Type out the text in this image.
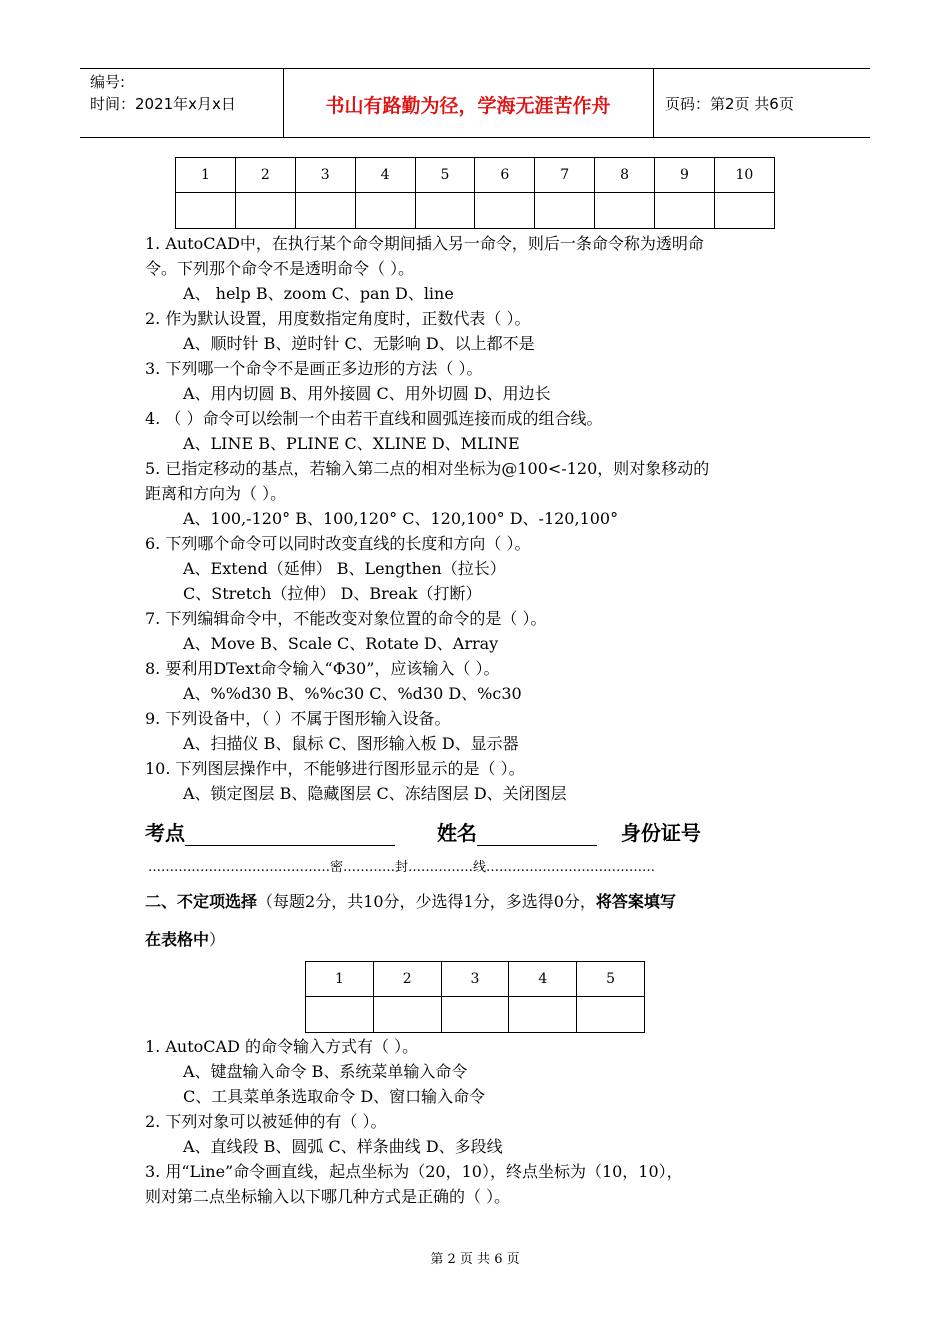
编号:
时间：2021年x月x日	书山有路勤为径，学海无涯苦作舟	页码：第2页 共6页
1	2	3	4	5	6	7	8	9	10

1. AutoCAD中，在执行某个命令期间插入另一命令，则后一条命令称为透明命
令。下列那个命令不是透明命令（ ）。
A、 help B、zoom C、pan D、line
2. 作为默认设置，用度数指定角度时，正数代表（ ）。
A、顺时针 B、逆时针 C、无影响 D、以上都不是
3. 下列哪一个命令不是画正多边形的方法（ ）。
A、用内切圆 B、用外接圆 C、用外切圆 D、用边长
4. （ ）命令可以绘制一个由若干直线和圆弧连接而成的组合线。
A、LINE B、PLINE C、XLINE D、MLINE
5. 已指定移动的基点，若输入第二点的相对坐标为@100<-120，则对象移动的
距离和方向为（ ）。
A、100,-120° B、100,120° C、120,100° D、-120,100°
6. 下列哪个命令可以同时改变直线的长度和方向（ ）。
A、Extend（延伸） B、Lengthen（拉长）
C、Stretch（拉伸） D、Break（打断）
7. 下列编辑命令中，不能改变对象位置的命令的是（ ）。
A、Move B、Scale C、Rotate D、Array
8. 要利用DText命令输入“Φ30”，应该输入（ ）。
A、%%d30 B、%%c30 C、%d30 D、%c30
9. 下列设备中，（ ）不属于图形输入设备。
A、扫描仪 B、鼠标 C、图形输入板 D、显示器
10. 下列图层操作中，不能够进行图形显示的是（ ）。
A、锁定图层 B、隐藏图层 C、冻结图层 D、关闭图层
考点	姓名	身份证号
……………………………………密…………封……………线…………………………………
二、不定项选择（每题2分，共10分，少选得1分，多选得0分，将答案填写
在表格中）
1	2	3	4	5

1. AutoCAD 的命令输入方式有（ ）。
A、键盘输入命令 B、系统菜单输入命令
C、工具菜单条选取命令 D、窗口输入命令
2. 下列对象可以被延伸的有（ ）。
A、直线段 B、圆弧 C、样条曲线 D、多段线
3. 用“Line”命令画直线，起点坐标为（20，10），终点坐标为（10，10），
则对第二点坐标输入以下哪几种方式是正确的（ ）。
第 2 页 共 6 页
